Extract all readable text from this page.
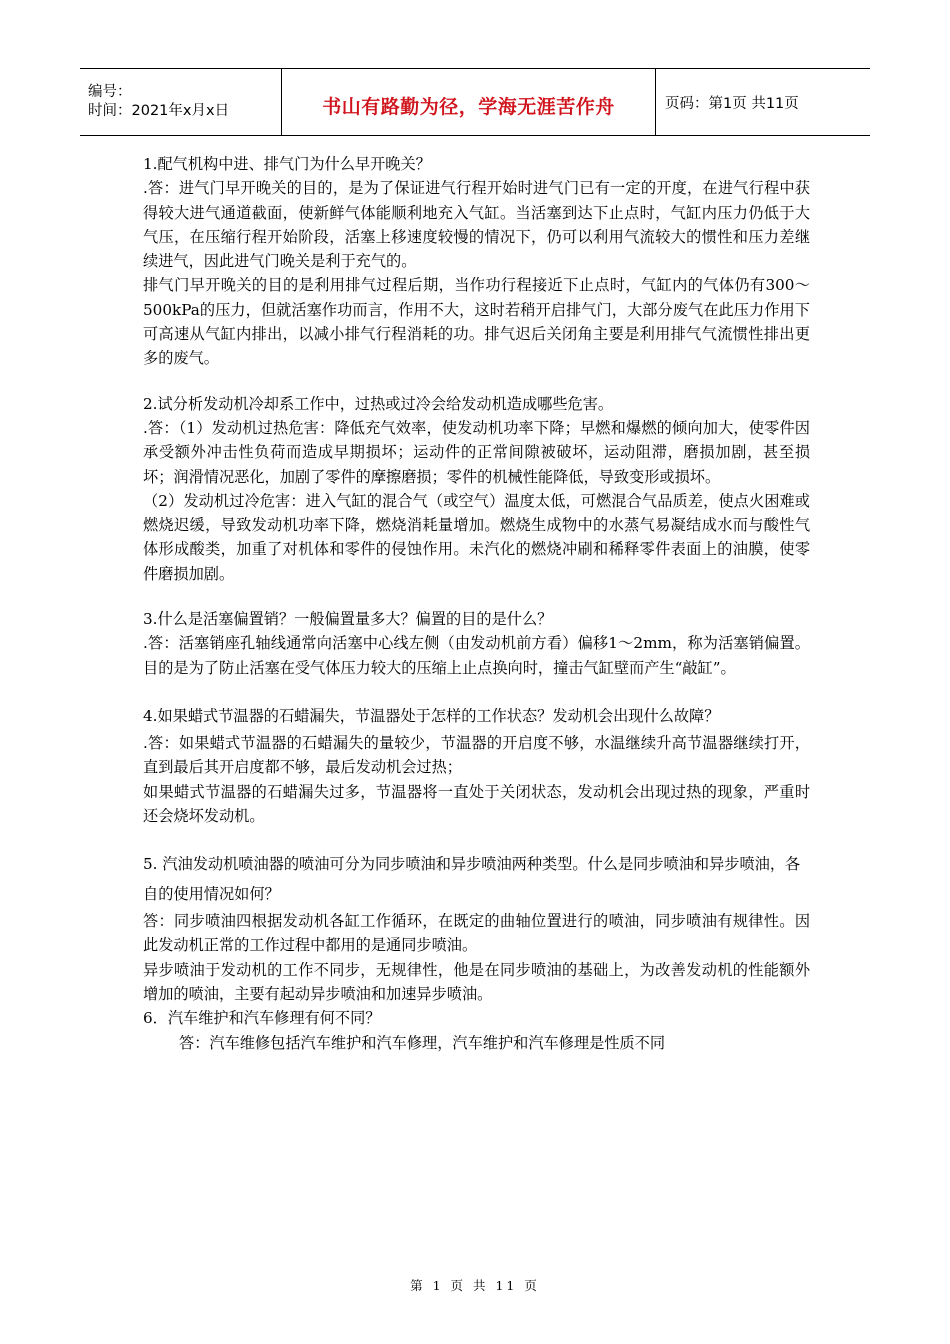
编号：
时间：2021年x月x日	书山有路勤为径，学海无涯苦作舟	页码：第1页 共11页

1.配气机构中进、排气门为什么早开晚关？

.答：进气门早开晚关的目的，是为了保证进气行程开始时进气门已有一定的开度，在进气行程中获得较大进气通道截面，使新鲜气体能顺利地充入气缸。当活塞到达下止点时，气缸内压力仍低于大气压，在压缩行程开始阶段，活塞上移速度较慢的情况下，仍可以利用气流较大的惯性和压力差继续进气，因此进气门晚关是利于充气的。

排气门早开晚关的目的是利用排气过程后期，当作功行程接近下止点时，气缸内的气体仍有300～500kPa的压力，但就活塞作功而言，作用不大，这时若稍开启排气门，大部分废气在此压力作用下可高速从气缸内排出，以减小排气行程消耗的功。排气迟后关闭角主要是利用排气气流惯性排出更多的废气。

2.试分析发动机冷却系工作中，过热或过冷会给发动机造成哪些危害。

.答：（1）发动机过热危害：降低充气效率，使发动机功率下降；早燃和爆燃的倾向加大，使零件因承受额外冲击性负荷而造成早期损坏；运动件的正常间隙被破坏，运动阻滞，磨损加剧，甚至损坏；润滑情况恶化，加剧了零件的摩擦磨损；零件的机械性能降低，导致变形或损坏。

（2）发动机过冷危害：进入气缸的混合气（或空气）温度太低，可燃混合气品质差，使点火困难或燃烧迟缓，导致发动机功率下降，燃烧消耗量增加。燃烧生成物中的水蒸气易凝结成水而与酸性气体形成酸类，加重了对机体和零件的侵蚀作用。未汽化的燃烧冲刷和稀释零件表面上的油膜，使零件磨损加剧。

3.什么是活塞偏置销？一般偏置量多大？偏置的目的是什么？

.答：活塞销座孔轴线通常向活塞中心线左侧（由发动机前方看）偏移1～2mm，称为活塞销偏置。目的是为了防止活塞在受气体压力较大的压缩上止点换向时，撞击气缸壁而产生“敲缸”。

4.如果蜡式节温器的石蜡漏失，节温器处于怎样的工作状态？发动机会出现什么故障？

.答：如果蜡式节温器的石蜡漏失的量较少，节温器的开启度不够，水温继续升高节温器继续打开，直到最后其开启度都不够，最后发动机会过热；

如果蜡式节温器的石蜡漏失过多，节温器将一直处于关闭状态，发动机会出现过热的现象，严重时还会烧坏发动机。

5. 汽油发动机喷油器的喷油可分为同步喷油和异步喷油两种类型。什么是同步喷油和异步喷油，各自的使用情况如何？

答：同步喷油四根据发动机各缸工作循环，在既定的曲轴位置进行的喷油，同步喷油有规律性。因此发动机正常的工作过程中都用的是通同步喷油。

异步喷油于发动机的工作不同步，无规律性，他是在同步喷油的基础上，为改善发动机的性能额外增加的喷油，主要有起动异步喷油和加速异步喷油。

6．汽车维护和汽车修理有何不同？

答：汽车维修包括汽车维护和汽车修理，汽车维护和汽车修理是性质不同

第 1 页 共 11 页
